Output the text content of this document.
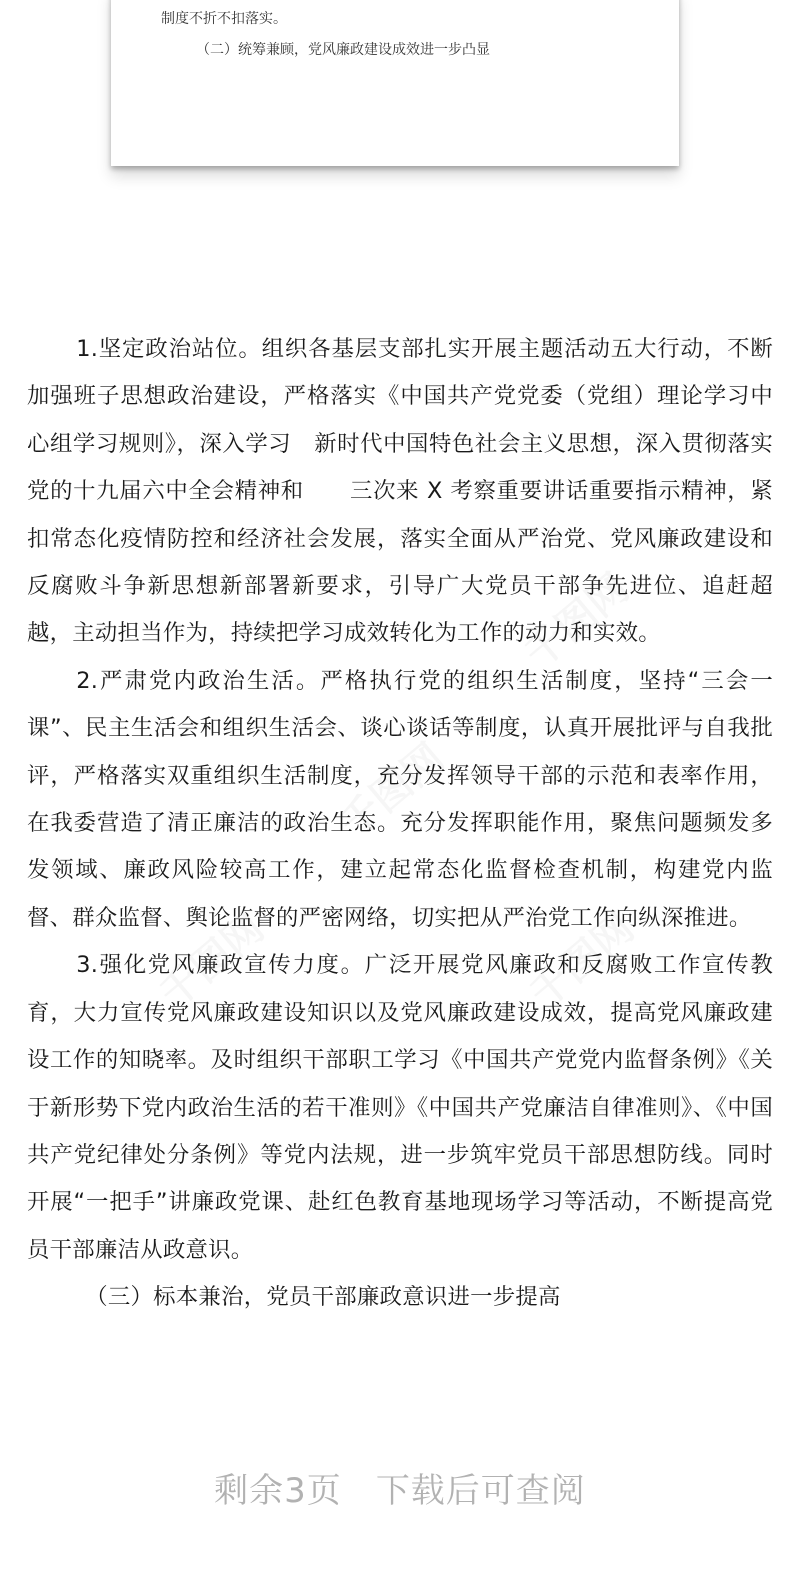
制度不折不扣落实。
（二）统筹兼顾，党风廉政建设成效进一步凸显

1.坚定政治站位。组织各基层支部扎实开展主题活动五大行动，不断加强班子思想政治建设，严格落实《中国共产党党委（党组）理论学习中心组学习规则》，深入学习　新时代中国特色社会主义思想，深入贯彻落实党的十九届六中全会精神和　　三次来 X 考察重要讲话重要指示精神，紧扣常态化疫情防控和经济社会发展，落实全面从严治党、党风廉政建设和反腐败斗争新思想新部署新要求，引导广大党员干部争先进位、追赶超越，主动担当作为，持续把学习成效转化为工作的动力和实效。

2.严肃党内政治生活。严格执行党的组织生活制度，坚持“三会一课”、民主生活会和组织生活会、谈心谈话等制度，认真开展批评与自我批评，严格落实双重组织生活制度，充分发挥领导干部的示范和表率作用，在我委营造了清正廉洁的政治生态。充分发挥职能作用，聚焦问题频发多发领域、廉政风险较高工作，建立起常态化监督检查机制，构建党内监督、群众监督、舆论监督的严密网络，切实把从严治党工作向纵深推进。

3.强化党风廉政宣传力度。广泛开展党风廉政和反腐败工作宣传教育，大力宣传党风廉政建设知识以及党风廉政建设成效，提高党风廉政建设工作的知晓率。及时组织干部职工学习《中国共产党党内监督条例》《关于新形势下党内政治生活的若干准则》《中国共产党廉洁自律准则》、《中国共产党纪律处分条例》等党内法规，进一步筑牢党员干部思想防线。同时开展“一把手”讲廉政党课、赴红色教育基地现场学习等活动，不断提高党员干部廉洁从政意识。

（三）标本兼治，党员干部廉政意识进一步提高

剩余3页 下载后可查阅
